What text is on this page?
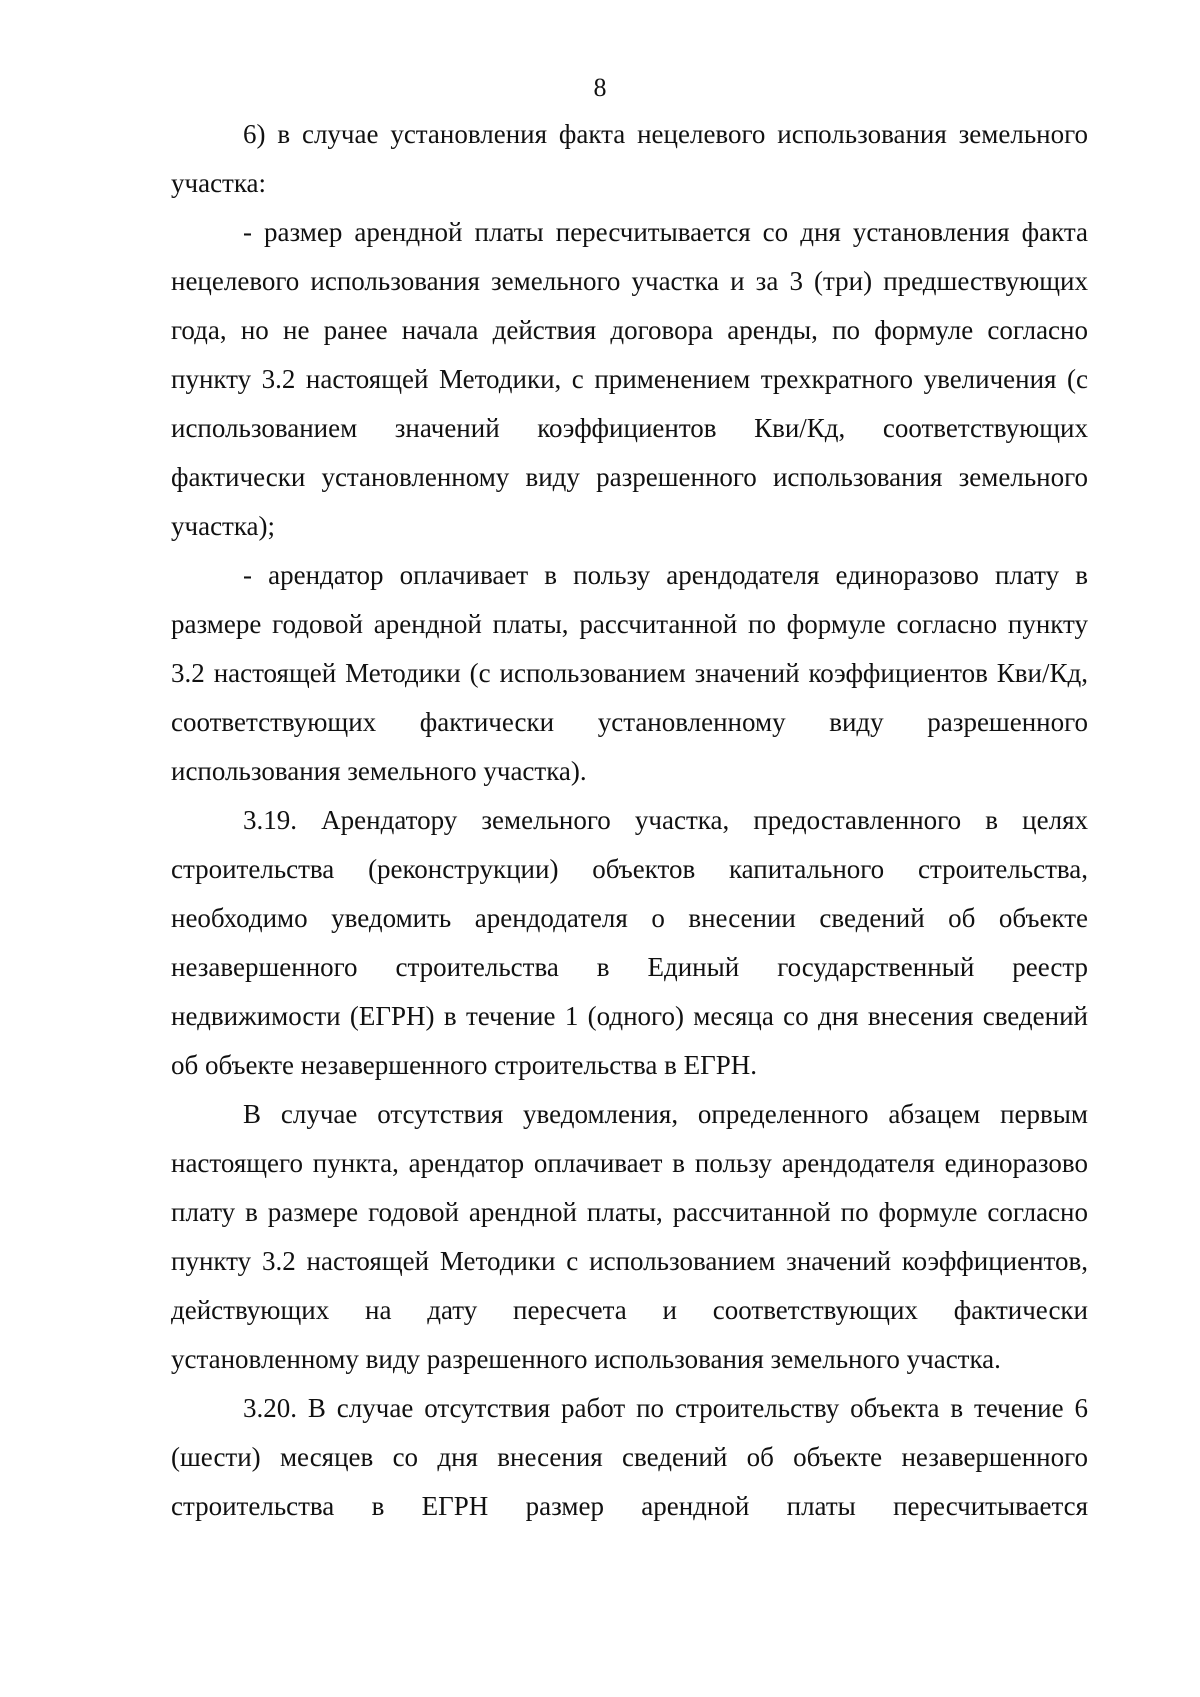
8

6) в случае установления факта нецелевого использования земельного участка:

- размер арендной платы пересчитывается со дня установления факта нецелевого использования земельного участка и за 3 (три) предшествующих года, но не ранее начала действия договора аренды, по формуле согласно пункту 3.2 настоящей Методики, с применением трехкратного увеличения (с использованием значений коэффициентов Кви/Кд, соответствующих фактически установленному виду разрешенного использования земельного участка);

- арендатор оплачивает в пользу арендодателя единоразово плату в размере годовой арендной платы, рассчитанной по формуле согласно пункту 3.2 настоящей Методики (с использованием значений коэффициентов Кви/Кд, соответствующих фактически установленному виду разрешенного использования земельного участка).

3.19. Арендатору земельного участка, предоставленного в целях строительства (реконструкции) объектов капитального строительства, необходимо уведомить арендодателя о внесении сведений об объекте незавершенного строительства в Единый государственный реестр недвижимости (ЕГРН) в течение 1 (одного) месяца со дня внесения сведений об объекте незавершенного строительства в ЕГРН.

В случае отсутствия уведомления, определенного абзацем первым настоящего пункта, арендатор оплачивает в пользу арендодателя единоразово плату в размере годовой арендной платы, рассчитанной по формуле согласно пункту 3.2 настоящей Методики с использованием значений коэффициентов, действующих на дату пересчета и соответствующих фактически установленному виду разрешенного использования земельного участка.

3.20. В случае отсутствия работ по строительству объекта в течение 6 (шести) месяцев со дня внесения сведений об объекте незавершенного строительства в ЕГРН размер арендной платы пересчитывается
